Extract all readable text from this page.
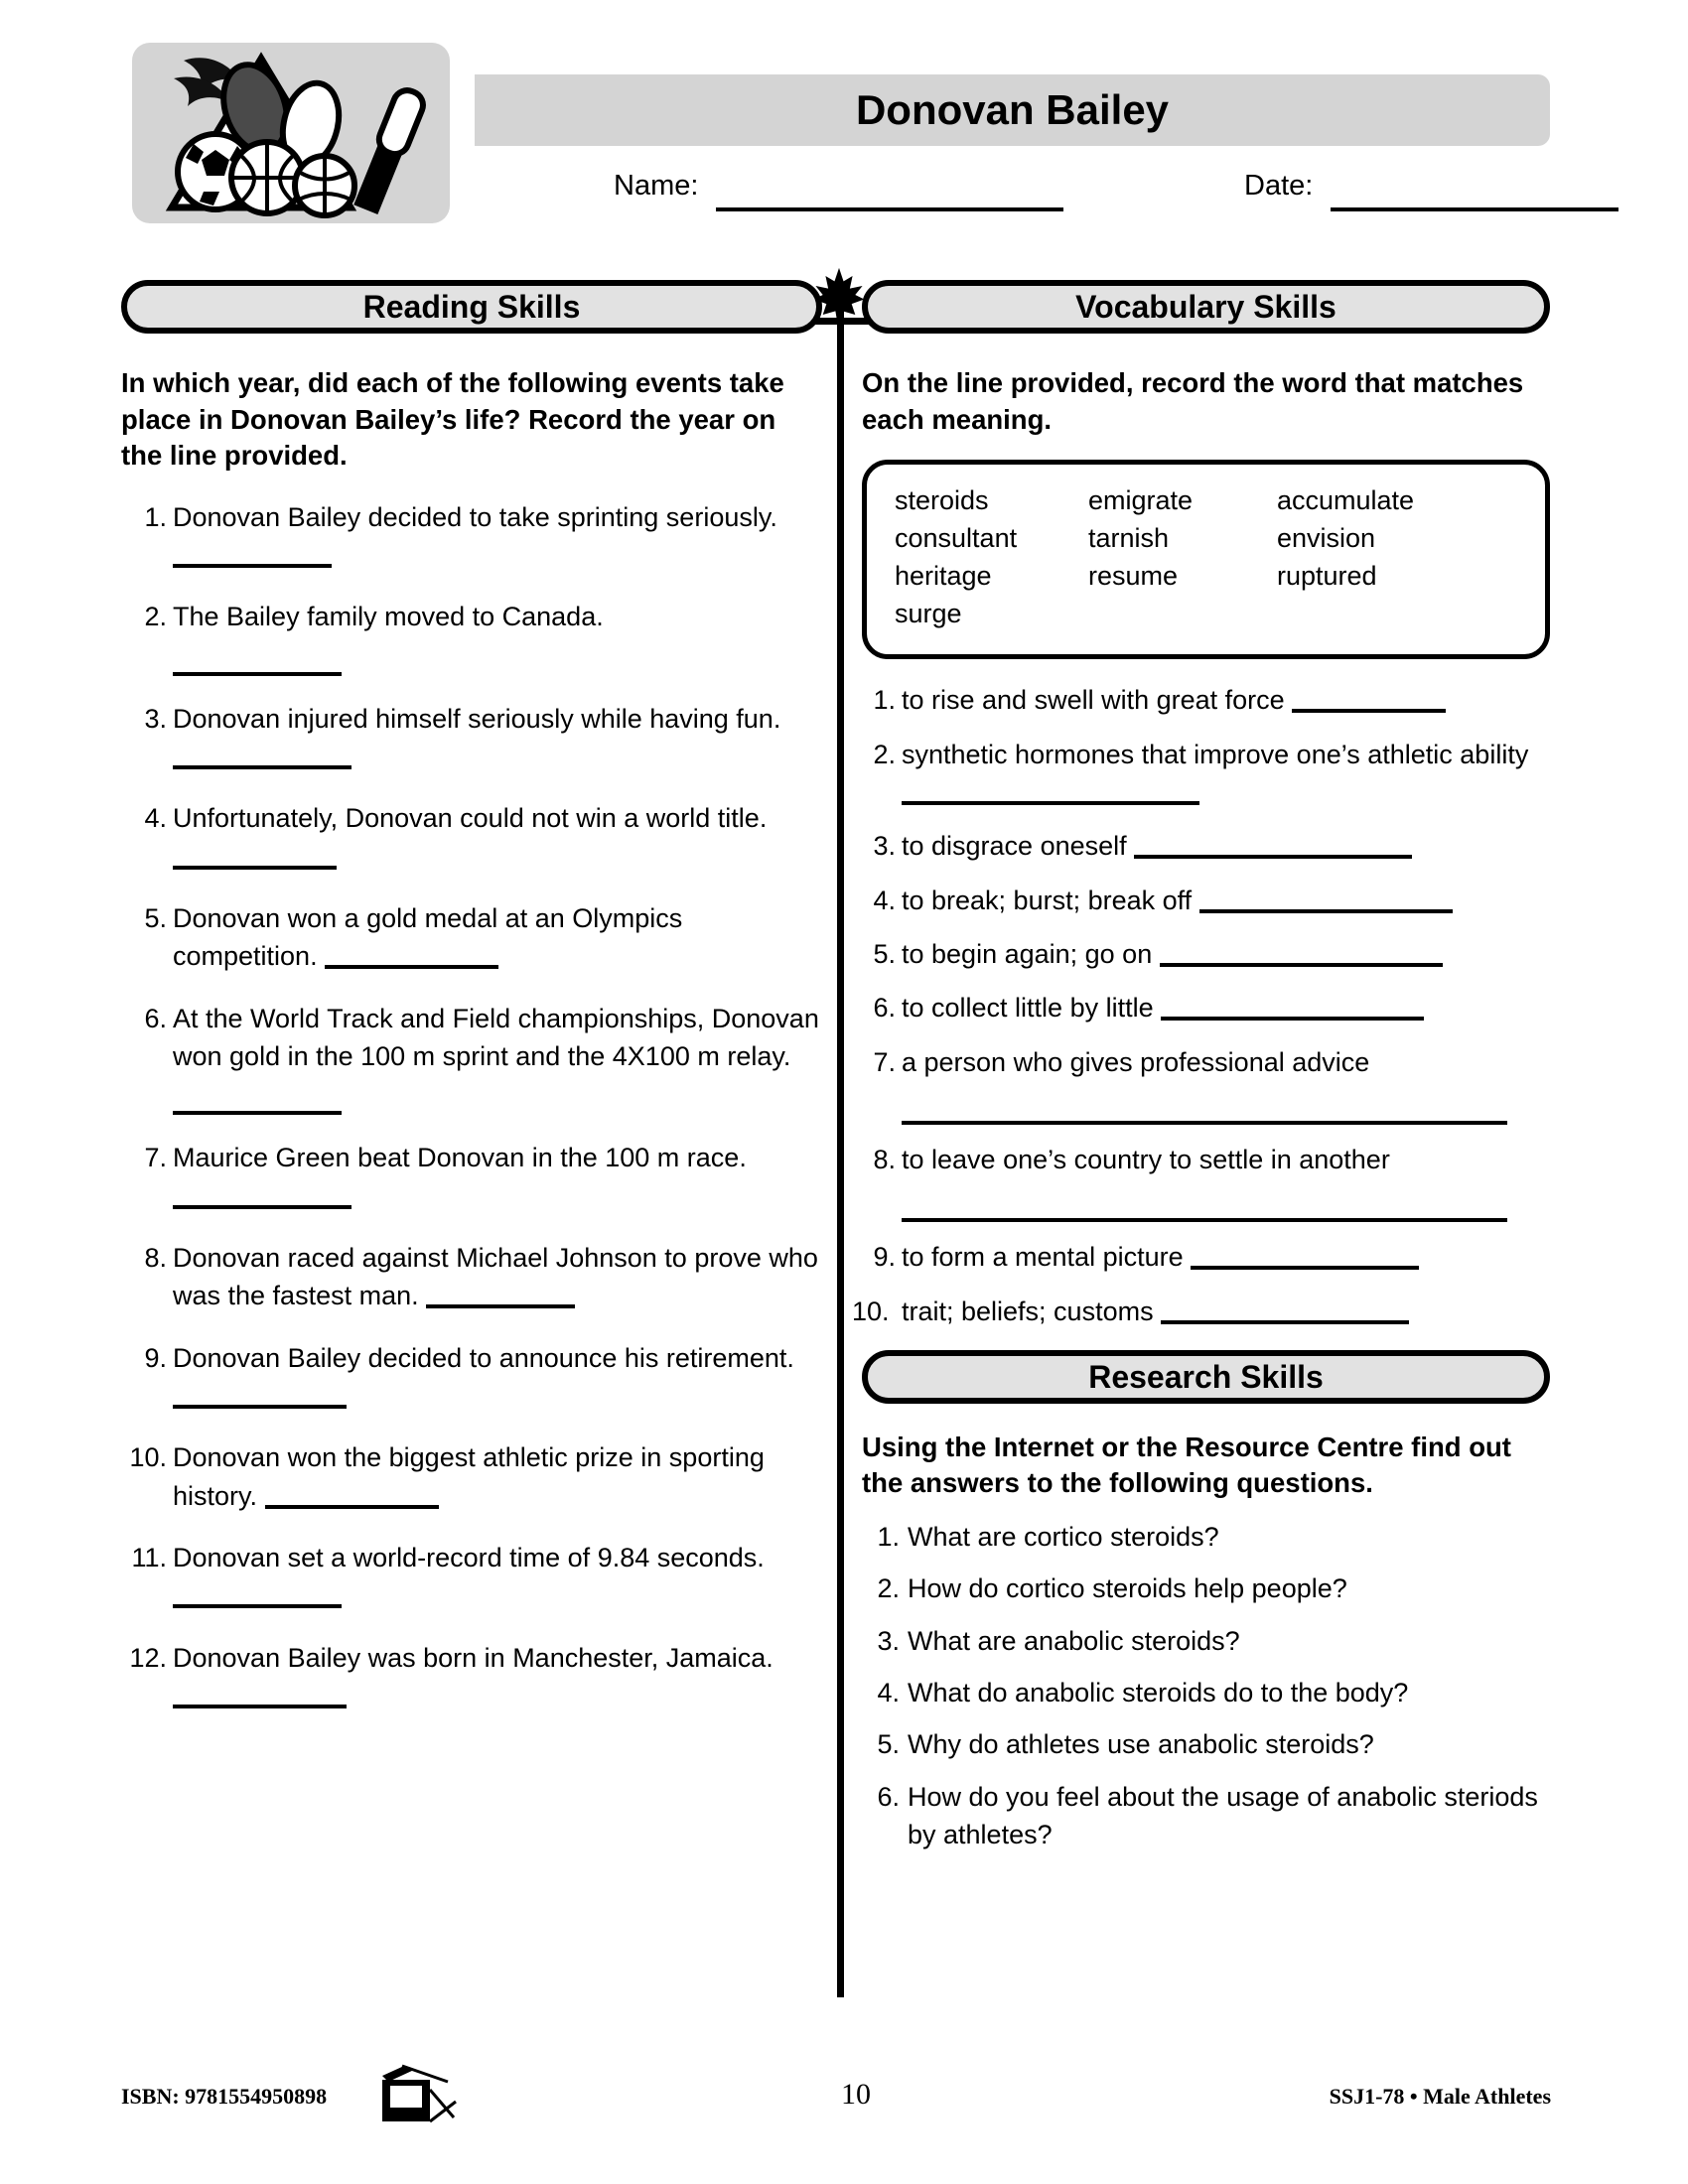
Donovan Bailey
Name:	Date:
Reading Skills
In which year, did each of the following events take place in Donovan Bailey’s life? Record the year on the line provided.
1. Donovan Bailey decided to take sprinting seriously.
2. The Bailey family moved to Canada.
3. Donovan injured himself seriously while having fun.
4. Unfortunately, Donovan could not win a world title.
5. Donovan won a gold medal at an Olympics competition.
6. At the World Track and Field championships, Donovan won gold in the 100 m sprint and the 4X100 m relay.
7. Maurice Green beat Donovan in the 100 m race.
8. Donovan raced against Michael Johnson to prove who was the fastest man.
9. Donovan Bailey decided to announce his retirement.
10. Donovan won the biggest athletic prize in sporting history.
11. Donovan set a world-record time of 9.84 seconds.
12. Donovan Bailey was born in Manchester, Jamaica.
Vocabulary Skills
On the line provided, record the word that matches each meaning.
steroids	emigrate	accumulate
consultant	tarnish	envision
heritage	resume	ruptured
surge
1. to rise and swell with great force
2. synthetic hormones that improve one’s athletic ability
3. to disgrace oneself
4. to break; burst; break off
5. to begin again; go on
6. to collect little by little
7. a person who gives professional advice
8. to leave one’s country to settle in another
9. to form a mental picture
10. trait; beliefs; customs
Research Skills
Using the Internet or the Resource Centre find out the answers to the following questions.
1. What are cortico steroids?
2. How do cortico steroids help people?
3. What are anabolic steroids?
4. What do anabolic steroids do to the body?
5. Why do athletes use anabolic steroids?
6. How do you feel about the usage of anabolic steriods by athletes?
ISBN: 9781554950898	10	SSJ1-78 • Male Athletes
